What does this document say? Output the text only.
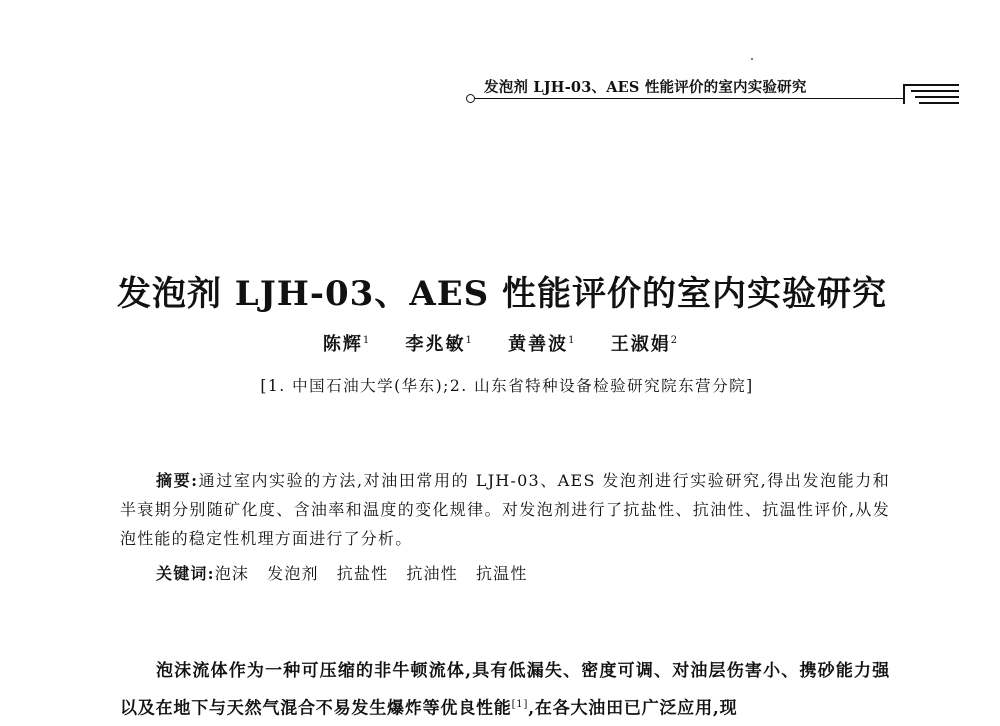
发泡剂 LJH-03、AES 性能评价的室内实验研究
发泡剂 LJH-03、AES 性能评价的室内实验研究
陈辉$^1$ 李兆敏$^1$ 黄善波$^1$ 王淑娟$^2$
[1. 中国石油大学(华东);2. 山东省特种设备检验研究院东营分院]

摘要:通过室内实验的方法,对油田常用的 LJH-03、AES 发泡剂进行实验研究,得出发泡能力和半衰期分别随矿化度、含油率和温度的变化规律。对发泡剂进行了抗盐性、抗油性、抗温性评价,从发泡性能的稳定性机理方面进行了分析。

关键词:泡沫 发泡剂 抗盐性 抗油性 抗温性

泡沫流体作为一种可压缩的非牛顿流体,具有低漏失、密度可调、对油层伤害小、携砂能力强以及在地下与天然气混合不易发生爆炸等优良性能[1],在各大油田已广泛应用,现
